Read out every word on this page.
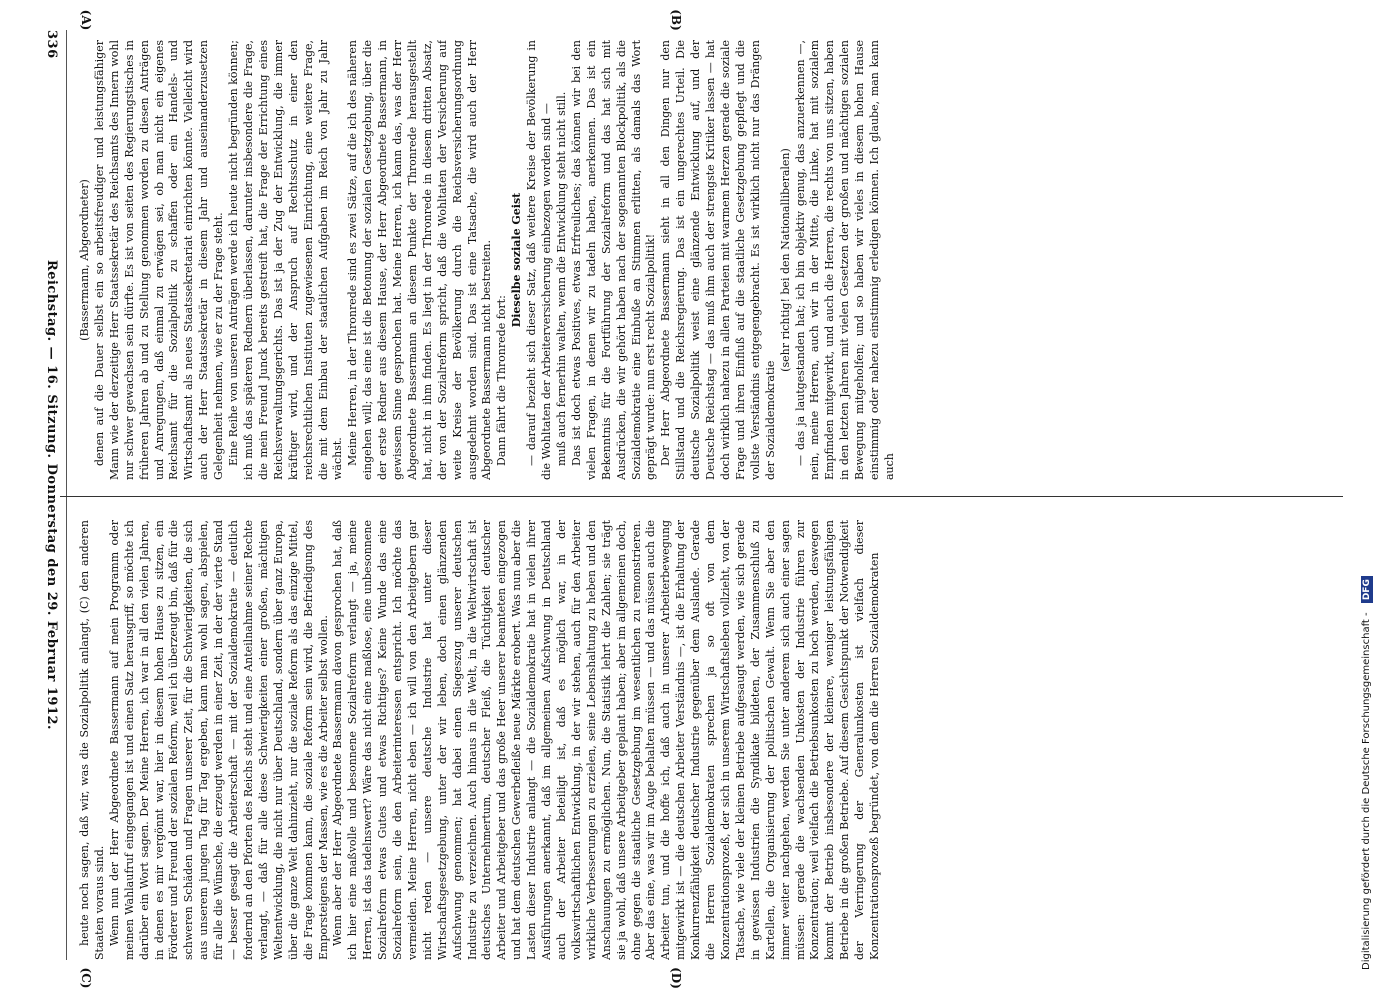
336
Reichstag. — 16. Sitzung. Donnerstag den 29. Februar 1912.
(A)	(B)
(C)	(D)

(Bassermann, Abgeordneter) denen auf die Dauer selbst ein so arbeitsfreudiger und leistungsfähiger Mann wie der derzeitige Herr Staatssekretär des Reichsamts des Innern wohl nur schwer gewachsen sein dürfte. Es ist von seiten des Regierungstisches in früheren Jahren ab und zu Stellung genommen worden zu diesen Anträgen und Anregungen, daß einmal zu erwägen sei, ob man nicht ein eigenes Reichsamt für die Sozialpolitik zu schaffen oder ein Handels- und Wirtschaftsamt als neues Staatssekretariat einrichten könnte. Vielleicht wird auch der Herr Staatssekretär in diesem Jahr und auseinanderzusetzen Gelegenheit nehmen, wie er zu der Frage steht. Eine Reihe von unseren Anträgen werde ich heute nicht begründen können; ich muß das späteren Rednern überlassen, darunter insbesondere die Frage, die mein Freund Junck bereits gestreift hat, die Frage der Errichtung eines Reichsverwaltungsgerichts. Das ist ja der Zug der Entwicklung, die immer kräftiger wird, und der Anspruch auf Rechtsschutz in einer den reichsrechtlichen Instituten zugewiesenen Einrichtung, eine weitere Frage, die mit dem Einbau der staatlichen Aufgaben im Reich von Jahr zu Jahr wächst. Meine Herren, in der Thronrede sind es zwei Sätze, auf die ich des näheren eingehen will; das eine ist die Betonung der sozialen Gesetzgebung, über die der erste Redner aus diesem Hause, der Herr Abgeordnete Bassermann, in gewissem Sinne gesprochen hat. Meine Herren, ich kann das, was der Herr Abgeordnete Bassermann an diesem Punkte der Thronrede herausgestellt hat, nicht in ihm finden. Es liegt in der Thronrede in diesem dritten Absatz, der von der Sozialreform spricht, daß die Wohltaten der Versicherung auf weite Kreise der Bevölkerung durch die Reichsversicherungsordnung ausgedehnt worden sind. Das ist eine Tatsache, die wird auch der Herr Abgeordnete Bassermann nicht bestreiten. Dann fährt die Thronrede fort:

Dieselbe soziale Geist — darauf bezieht sich dieser Satz, daß weitere Kreise der Bevölkerung in die Wohltaten der Arbeiterversicherung einbezogen worden sind — muß auch fernerhin walten, wenn die Entwicklung steht nicht still. Das ist doch etwas Positives, etwas Erfreuliches; das können wir bei den vielen Fragen, in denen wir zu tadeln haben, anerkennen. Das ist ein Bekenntnis für die Fortführung der Sozialreform und das hat sich mit Ausdrücken, die wir gehört haben nach der sogenannten Blockpolitik, als die Sozialdemokratie eine Einbuße an Stimmen erlitten, als damals das Wort geprägt wurde: nun erst recht Sozialpolitik! Der Herr Abgeordnete Bassermann sieht in all den Dingen nur den Stillstand und die Reichsregierung. Das ist ein ungerechtes Urteil. Die deutsche Sozialpolitik weist eine glänzende Entwicklung auf, und der Deutsche Reichstag — das muß ihm auch der strengste Kritiker lassen — hat doch wirklich nahezu in allen Parteien mit warmem Herzen gerade die soziale Frage und ihren Einfluß auf die staatliche Gesetzgebung gepflegt und die vollste Verständnis entgegengebracht. Es ist wirklich nicht nur das Drängen der Sozialdemokratie

(sehr richtig! bei den Nationalliberalen) — das ja lautgestanden hat; ich bin objektiv genug, das anzuerkennen —, nein, meine Herren, auch wir in der Mitte, die Linke, hat mit sozialem Empfinden mitgewirkt, und auch die Herren, die rechts von uns sitzen, haben in den letzten Jahren mit vielen Gesetzen der großen und mächtigen sozialen Bewegung mitgeholfen; und so haben wir vieles in diesem hohen Hause einstimmig oder nahezu einstimmig erledigen können. Ich glaube, man kann auch

heute noch sagen, daß wir, was die Sozialpolitik anlangt, (C) den anderen Staaten voraus sind. Wenn nun der Herr Abgeordnete Bassermann auf mein Programm oder meinen Wahlaufruf eingegangen ist und einen Satz herausgriff, so möchte ich darüber ein Wort sagen. Der Meine Herren, ich war in all den vielen Jahren, in denen es mir vergönnt war, hier in diesem hohen Hause zu sitzen, ein Förderer und Freund der sozialen Reform, weil ich überzeugt bin, daß für die schweren Schäden und Fragen unserer Zeit, für die Schwierigkeiten, die sich aus unserem jungen Tag für Tag ergeben, kann man wohl sagen, abspielen, für alle die Wünsche, die erzeugt werden in einer Zeit, in der der vierte Stand — besser gesagt die Arbeiterschaft — mit der Sozialdemokratie — deutlich fordernd an den Pforten des Reichs steht und eine Anteilnahme seiner Rechte verlangt, — daß für alle diese Schwierigkeiten einer großen, mächtigen Weltentwicklung, die nicht nur über Deutschland, sondern über ganz Europa, über die ganze Welt dahinzieht, nur die soziale Reform als das einzige Mittel, die Frage kommen kann, die soziale Reform sein wird, die Befriedigung des Emporsteigens der Massen, wie es die Arbeiter selbst wollen. Wenn aber der Herr Abgeordnete Bassermann davon gesprochen hat, daß ich hier eine maßvolle und besonnene Sozialreform verlangt — ja, meine Herren, ist das tadelnswert? Wäre das nicht eine maßlose, eine unbesonnene Sozialreform etwas Gutes und etwas Richtiges? Keine Wunde das eine Sozialreform sein, die den Arbeiterinteressen entspricht. Ich möchte das vermeiden. Meine Herren, nicht eben — ich will von den Arbeitgebern gar nicht reden — unsere deutsche Industrie hat unter dieser Wirtschaftsgesetzgebung, unter der wir leben, doch einen glänzenden Aufschwung genommen; hat dabei einen Siegeszug unserer deutschen Industrie zu verzeichnen. Auch hinaus in die Welt, in die Weltwirtschaft ist deutsches Unternehmertum, deutscher Fleiß, die Tüchtigkeit deutscher Arbeiter und Arbeitgeber und das große Heer unserer beamteten eingezogen und hat dem deutschen Gewerbefleiße neue Märkte erobert. Was nun aber die Lasten dieser Industrie anlangt — die Sozialdemokratie hat in vielen ihrer Ausführungen anerkannt, daß im allgemeinen Aufschwung in Deutschland auch der Arbeiter beteiligt ist, daß es möglich war, in der volkswirtschaftlichen Entwicklung, in der wir stehen, auch für den Arbeiter wirkliche Verbesserungen zu erzielen, seine Lebenshaltung zu heben und den Anschauungen zu ermöglichen. Nun, die Statistik lehrt die Zahlen; sie trägt sie ja wohl, daß unsere Arbeitgeber geplant haben; aber im allgemeinen doch, ohne gegen die staatliche Gesetzgebung im wesentlichen zu remonstrieren. Aber das eine, was wir im Auge behalten müssen — und das müssen auch die Arbeiter tun, und die hoffe ich, daß auch in unserer Arbeiterbewegung mitgewirkt ist — die deutschen Arbeiter Verständnis —, ist die Erhaltung der Konkurrenzfähigkeit deutscher Industrie gegenüber dem Auslande. Gerade die Herren Sozialdemokraten sprechen ja so oft von dem Konzentrationsprozeß, der sich in unserem Wirtschaftsleben vollzieht, von der Tatsache, wie viele der kleinen Betriebe aufgesaugt werden, wie sich gerade in gewissen Industrien die Syndikate bildeten, der Zusammenschluß zu Kartellen, die Organisierung der politischen Gewalt. Wenn Sie aber den immer weiter nachgehen, werden Sie unter anderem sich auch einer sagen müssen: gerade die wachsenden Unkosten der Industrie führen zur Konzentration; weil vielfach die Betriebsunkosten zu hoch werden, deswegen kommt der Betrieb insbesondere der kleinere, weniger leistungsfähigen Betriebe in die großen Betriebe. Auf diesem Gesichtspunkt der Notwendigkeit der Verringerung der Generalunkosten ist vielfach dieser Konzentrationsprozeß begründet, von dem die Herren Sozialdemokraten	Digitalisierung gefördert durch die Deutsche Forschungsgemeinschaft - DFG
